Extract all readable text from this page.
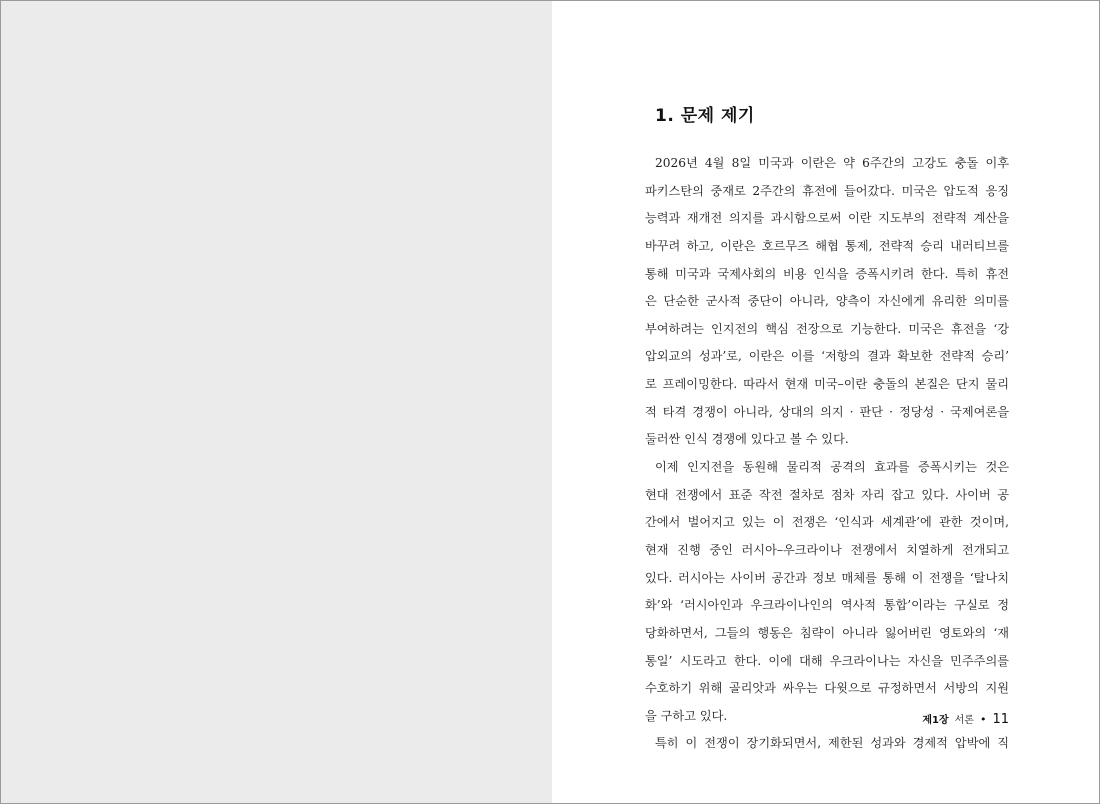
1. 문제 제기
2026년 4월 8일 미국과 이란은 약 6주간의 고강도 충돌 이후
파키스탄의 중재로 2주간의 휴전에 들어갔다. 미국은 압도적 응징
능력과 재개전 의지를 과시함으로써 이란 지도부의 전략적 계산을
바꾸려 하고, 이란은 호르무즈 해협 통제, 전략적 승리 내러티브를
통해 미국과 국제사회의 비용 인식을 증폭시키려 한다. 특히 휴전
은 단순한 군사적 중단이 아니라, 양측이 자신에게 유리한 의미를
부여하려는 인지전의 핵심 전장으로 기능한다. 미국은 휴전을 ‘강
압외교의 성과’로, 이란은 이를 ‘저항의 결과 확보한 전략적 승리’
로 프레이밍한다. 따라서 현재 미국–이란 충돌의 본질은 단지 물리
적 타격 경쟁이 아니라, 상대의 의지 · 판단 · 정당성 · 국제여론을
둘러싼 인식 경쟁에 있다고 볼 수 있다.
이제 인지전을 동원해 물리적 공격의 효과를 증폭시키는 것은
현대 전쟁에서 표준 작전 절차로 점차 자리 잡고 있다. 사이버 공
간에서 벌어지고 있는 이 전쟁은 ‘인식과 세계관’에 관한 것이며,
현재 진행 중인 러시아–우크라이나 전쟁에서 치열하게 전개되고
있다. 러시아는 사이버 공간과 정보 매체를 통해 이 전쟁을 ‘탈나치
화’와 ‘러시아인과 우크라이나인의 역사적 통합’이라는 구실로 정
당화하면서, 그들의 행동은 침략이 아니라 잃어버린 영토와의 ‘재
통일’ 시도라고 한다. 이에 대해 우크라이나는 자신을 민주주의를
수호하기 위해 골리앗과 싸우는 다윗으로 규정하면서 서방의 지원
을 구하고 있다.
특히 이 전쟁이 장기화되면서, 제한된 성과와 경제적 압박에 직
제1장 서론 • 11
